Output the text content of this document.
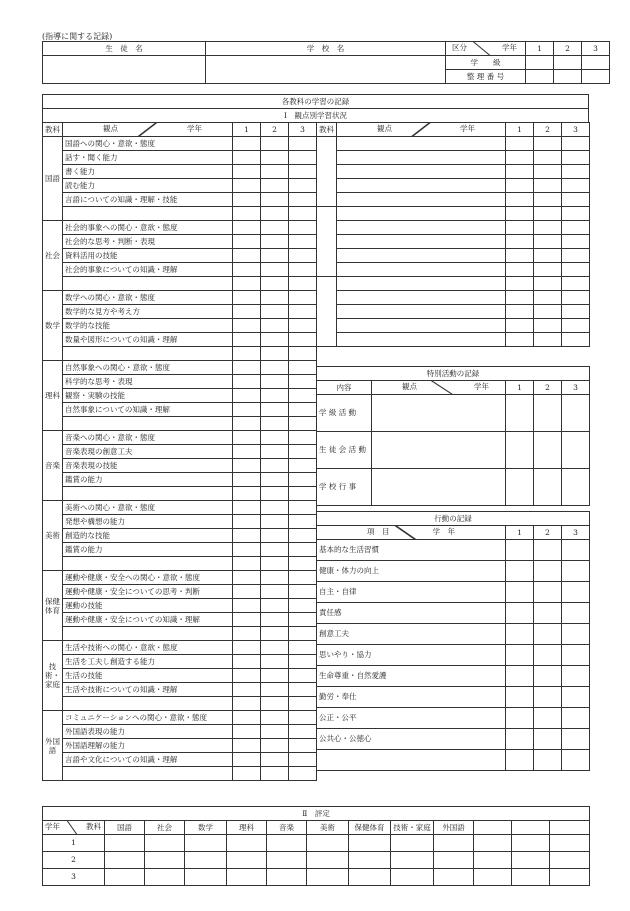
(指導に関する記録)
生　徒　名	学　校　名	区分 学年	1	2	3
		学　　級			
		整 理 番 号			
各教科の学習の記録
Ⅰ　観点別学習状況
教科	観点 学年	1	2	3
国語	国語への関心・意欲・態度			
	話す・聞く能力			
	書く能力			
	読む能力			
	言語についての知識・理解・技能			

社会	社会的事象への関心・意欲・態度			
	社会的な思考・判断・表現			
	資料活用の技能			
	社会的事象についての知識・理解			

数学	数学への関心・意欲・態度			
	数学的な見方や考え方			
	数学的な技能			
	数量や図形についての知識・理解			

理科	自然事象への関心・意欲・態度			
	科学的な思考・表現			
	観察・実験の技能			
	自然事象についての知識・理解			

音楽	音楽への関心・意欲・態度			
	音楽表現の創意工夫			
	音楽表現の技能			
	鑑賞の能力			

美術	美術への関心・意欲・態度			
	発想や構想の能力			
	創造的な技能			
	鑑賞の能力			

保健体育	運動や健康・安全への関心・意欲・態度			
	運動や健康・安全についての思考・判断			
	運動の技能			
	運動や健康・安全についての知識・理解			

技術・家庭	生活や技術への関心・意欲・態度			
	生活を工夫し創造する能力			
	生活の技能			
	生活や技術についての知識・理解			

外国語	コミュニケーションへの関心・意欲・態度			
	外国語表現の能力			
	外国語理解の能力			
	言語や文化についての知識・理解			

教科	観点 学年	1	2	3

特別活動の記録				
内容	観点 学年	1	2	3
学 級 活 動				
生 徒 会 活 動				
学 校 行 事				
行動の記録			

項　目 学　年	1	2	3
基本的な生活習慣			
健康・体力の向上			
自主・自律			
責任感			
創意工夫			
思いやり・協力			
生命尊重・自然愛護			
勤労・奉仕			
公正・公平			
公共心・公徳心			

Ⅱ　評定												

学年 教科	国語	社会	数学	理科	音楽	美術	保健体育	技術・家庭	外国語			
1												
2												
3												
